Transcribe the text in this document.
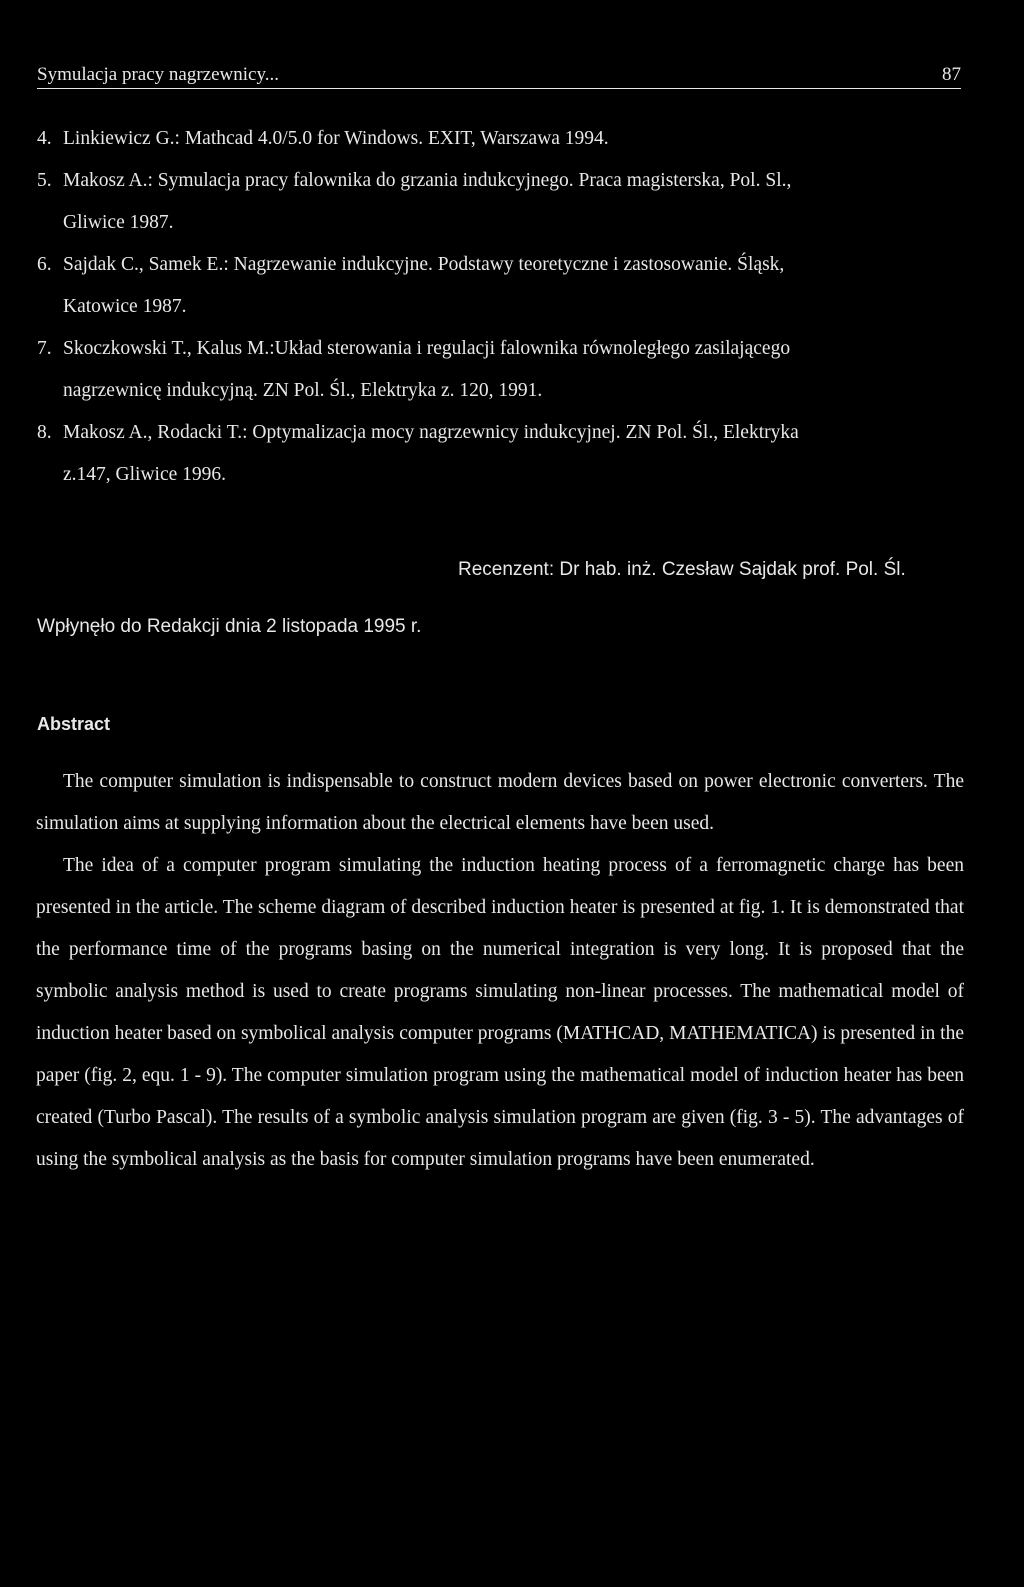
Symulacja pracy nagrzewnicy...	87
4. Linkiewicz G.: Mathcad 4.0/5.0 for Windows. EXIT, Warszawa 1994.
5. Makosz A.: Symulacja pracy falownika do grzania indukcyjnego. Praca magisterska, Pol. Sl.,
Gliwice 1987.
6. Sajdak C., Samek E.: Nagrzewanie indukcyjne. Podstawy teoretyczne i zastosowanie. Śląsk,
Katowice 1987.
7. Skoczkowski T., Kalus M.:Układ sterowania i regulacji falownika równoległego zasilającego
nagrzewnicę indukcyjną. ZN Pol. Śl., Elektryka z. 120, 1991.
8. Makosz A., Rodacki T.: Optymalizacja mocy nagrzewnicy indukcyjnej. ZN Pol. Śl., Elektryka
z.147, Gliwice 1996.
Recenzent: Dr hab. inż. Czesław Sajdak prof. Pol. Śl.
Wpłynęło do Redakcji dnia 2 listopada 1995 r.
Abstract

The computer simulation is indispensable to construct modern devices based on power electronic converters. The simulation aims at supplying information about the electrical elements have been used.

The idea of a computer program simulating the induction heating process of a ferromagnetic charge has been presented in the article. The scheme diagram of described induction heater is presented at fig. 1. It is demonstrated that the performance time of the programs basing on the numerical integration is very long. It is proposed that the symbolic analysis method is used to create programs simulating non-linear processes. The mathematical model of induction heater based on symbolical analysis computer programs (MATHCAD, MATHEMATICA) is presented in the paper (fig. 2, equ. 1 - 9). The computer simulation program using the mathematical model of induction heater has been created (Turbo Pascal). The results of a symbolic analysis simulation program are given (fig. 3 - 5). The advantages of using the symbolical analysis as the basis for computer simulation programs have been enumerated.
